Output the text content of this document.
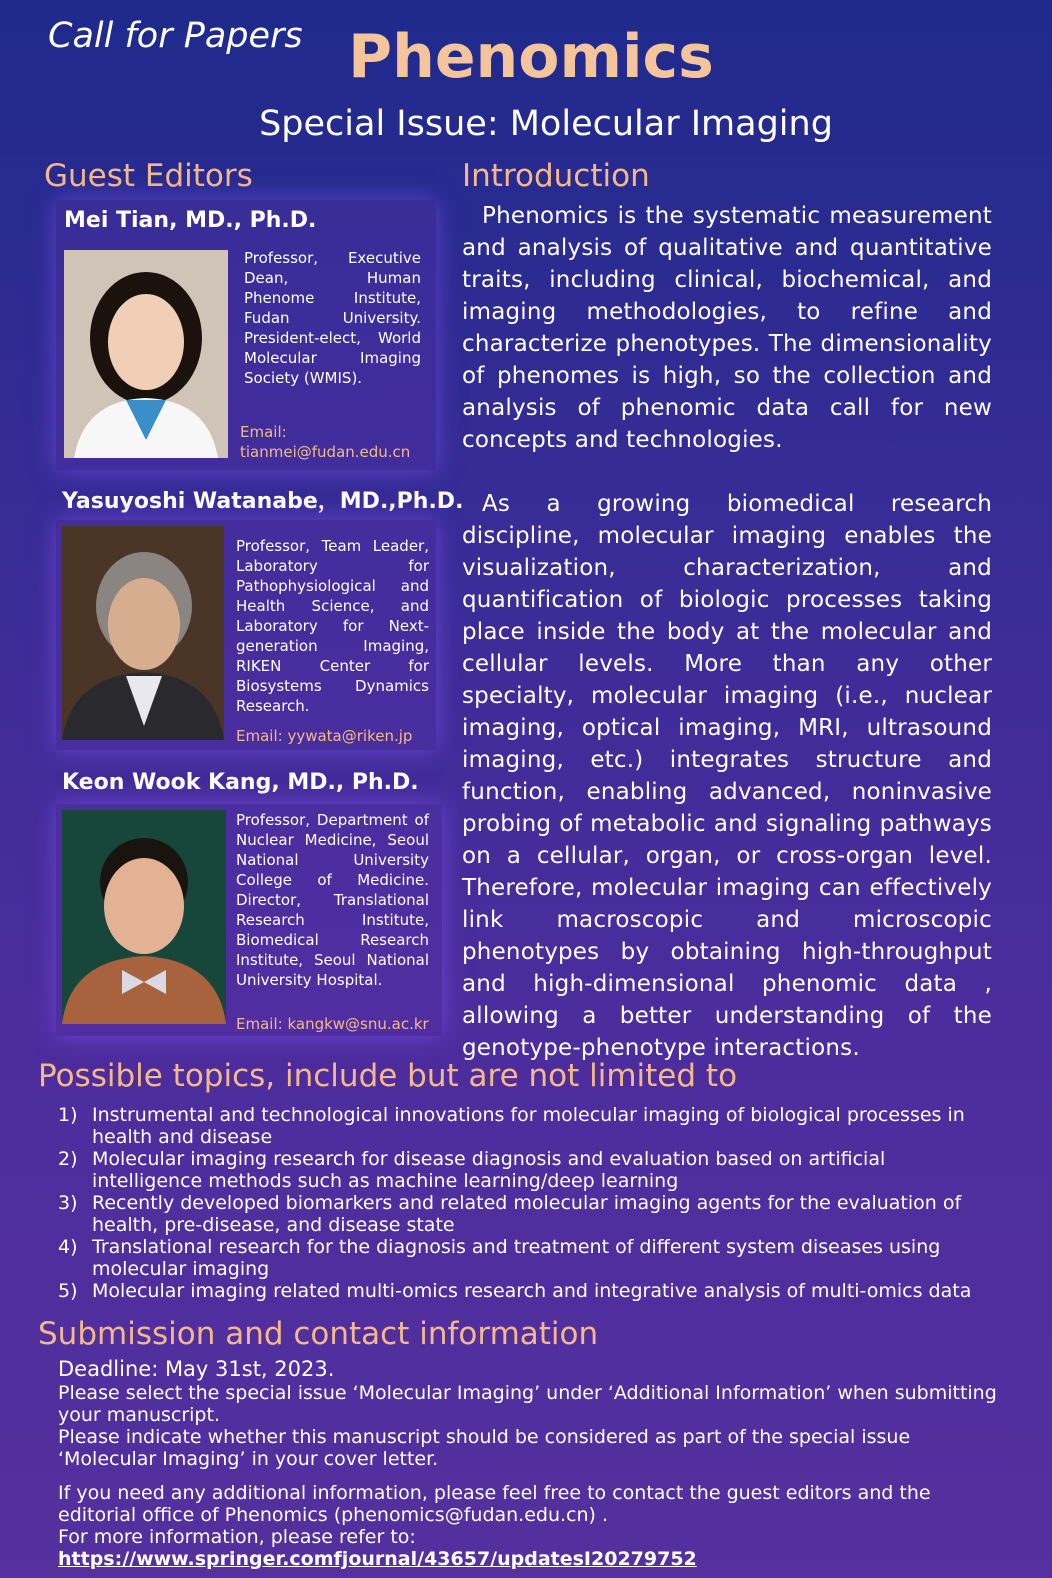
Call for Papers Phenomics
Special Issue: Molecular Imaging
Guest Editors
Mei Tian, MD., Ph.D.
Professor, Executive Dean, Human Phenome Institute, Fudan University. President-elect, World Molecular Imaging Society (WMIS).
Email:
tianmei@fudan.edu.cn
Yasuyoshi Watanabe，MD.,Ph.D.
Professor, Team Leader, Laboratory for Pathophysiological and Health Science, and Laboratory for Next-generation Imaging, RIKEN Center for Biosystems Dynamics Research.
Email: yywata@riken.jp
Keon Wook Kang, MD., Ph.D.
Professor, Department of Nuclear Medicine, Seoul National University College of Medicine. Director, Translational Research Institute, Biomedical Research Institute, Seoul National University Hospital.
Email: kangkw@snu.ac.kr
Introduction

Phenomics is the systematic measurement and analysis of qualitative and quantitative traits, including clinical, biochemical, and imaging methodologies, to refine and characterize phenotypes. The dimensionality of phenomes is high, so the collection and analysis of phenomic data call for new concepts and technologies.

As a growing biomedical research discipline, molecular imaging enables the visualization, characterization, and quantification of biologic processes taking place inside the body at the molecular and cellular levels. More than any other specialty, molecular imaging (i.e., nuclear imaging, optical imaging, MRI, ultrasound imaging, etc.) integrates structure and function, enabling advanced, noninvasive probing of metabolic and signaling pathways on a cellular, organ, or cross-organ level. Therefore, molecular imaging can effectively link macroscopic and microscopic phenotypes by obtaining high-throughput and high-dimensional phenomic data , allowing a better understanding of the genotype-phenotype interactions.

Possible topics, include but are not limited to
1) Instrumental and technological innovations for molecular imaging of biological processes in health and disease
2) Molecular imaging research for disease diagnosis and evaluation based on artificial intelligence methods such as machine learning/deep learning
3) Recently developed biomarkers and related molecular imaging agents for the evaluation of health, pre-disease, and disease state
4) Translational research for the diagnosis and treatment of different system diseases using molecular imaging
5) Molecular imaging related multi-omics research and integrative analysis of multi-omics data
Submission and contact information
Deadline: May 31st, 2023.
Please select the special issue ‘Molecular Imaging’ under ‘Additional Information’ when submitting your manuscript.
Please indicate whether this manuscript should be considered as part of the special issue ‘Molecular Imaging’ in your cover letter.
If you need any additional information, please feel free to contact the guest editors and the editorial office of Phenomics (phenomics@fudan.edu.cn) .
For more information, please refer to: https://www.springer.comfjournal/43657/updatesI20279752
